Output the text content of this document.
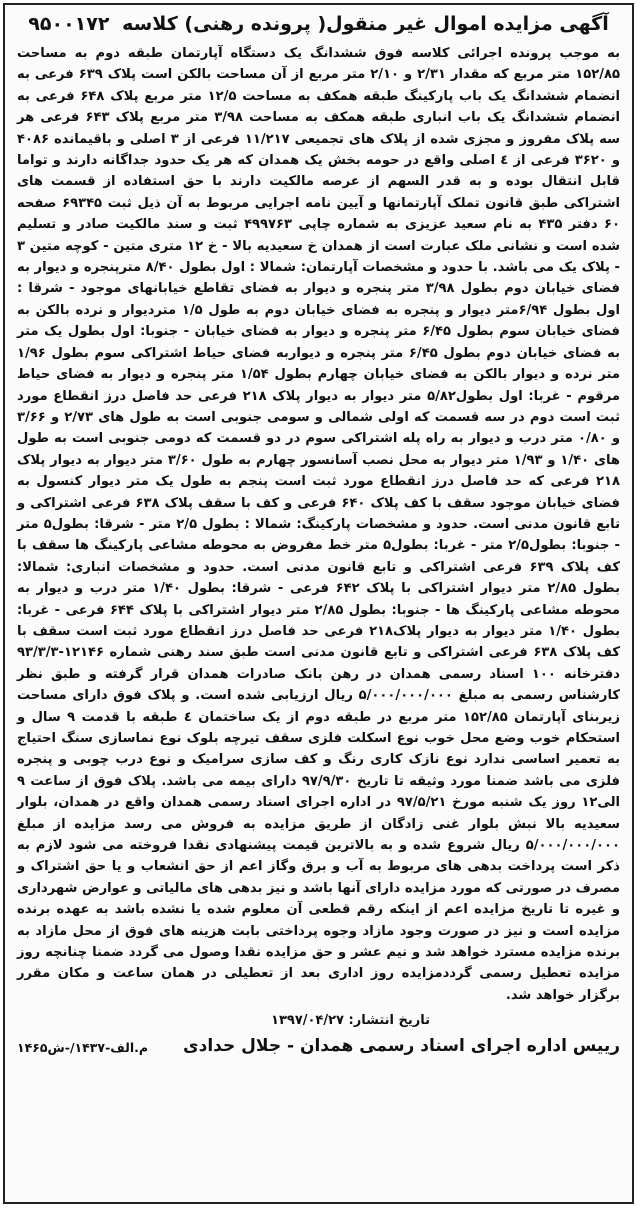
آگهی مزایده اموال غیر منقول( پرونده رهنی) کلاسه ۹۵۰۰۱۷۲

به موجب پرونده اجرائی کلاسه فوق ششدانگ یک دستگاه آپارتمان طبقه دوم به مساحت ۱۵۲/۸۵ متر مربع که مقدار ۲/۳۱ و ۲/۱۰ متر مربع از آن مساحت بالکن است پلاک ۶۳۹ فرعی به انضمام ششدانگ یک باب پارکینگ طبقه همکف به مساحت ۱۲/۵ متر مربع پلاک ۶۴۸ فرعی به انضمام ششدانگ یک باب انباری طبقه همکف به مساحت ۳/۹۸ متر مربع پلاک ۶۴۳ فرعی هر سه پلاک مفروز و مجزی شده از پلاک های تجمیعی ۱۱/۲۱۷ فرعی از ۳ اصلی و باقیمانده ۴۰۸۶ و ۳۶۲۰ فرعی از ٤ اصلی واقع در حومه بخش یک همدان که هر یک حدود جداگانه دارند و تواما قابل انتقال بوده و به قدر السهم از عرصه مالکیت دارند با حق استفاده از قسمت های اشتراکی طبق قانون تملک آپارتمانها و آیین نامه اجرایی مربوط به آن ذیل ثبت ۶۹۳۴۵ صفحه ۶۰ دفتر ۴۳۵ به نام سعید عزیزی به شماره چاپی ۴۹۹۷۶۳ ثبت و سند مالکیت صادر و تسلیم شده است و نشانی ملک عبارت است از همدان خ سعیدیه بالا - خ ۱۲ متری متین - کوچه متین ۳ - پلاک یک می باشد. با حدود و مشخصات آپارتمان: شمالا : اول بطول ۸/۴۰ مترپنجره و دیوار به فضای خیابان دوم بطول ۳/۹۸ متر پنجره و دیوار به فضای تقاطع خیابانهای موجود - شرقا : اول بطول ۶/۹۴متر دیوار و پنجره به فضای خیابان دوم به طول ۱/۵ متردیوار و نرده بالکن به فضای خیابان سوم بطول ۶/۴۵ متر پنجره و دیوار به فضای خیابان - جنوبا: اول بطول یک متر به فضای خیابان دوم بطول ۶/۴۵ متر پنجره و دیواربه فضای حیاط اشتراکی سوم بطول ۱/۹۶ متر نرده و دیوار بالکن به فضای خیابان چهارم بطول ۱/۵۴ متر پنجره و دیوار به فضای حیاط مرقوم - غربا: اول بطول۵/۸۲ متر دیوار به دیوار پلاک ۲۱۸ فرعی حد فاصل درز انقطاع مورد ثبت است دوم در سه قسمت که اولی شمالی و سومی جنوبی است به طول های ۲/۷۳ و ۳/۶۶ و ۰/۸۰ متر درب و دیوار به راه پله اشتراکی سوم در دو قسمت که دومی جنوبی است به طول های ۱/۴۰ و ۱/۹۳ متر دیوار به محل نصب آسانسور چهارم به طول ۳/۶۰ متر دیوار به دیوار پلاک ۲۱۸ فرعی که حد فاصل درز انقطاع مورد ثبت است پنجم به طول یک متر دیوار کنسول به فضای خیابان موجود سقف با کف پلاک ۶۴۰ فرعی و کف با سقف پلاک ۶۳۸ فرعی اشتراکی و تابع قانون مدنی است. حدود و مشخصات پارکینگ: شمالا : بطول ۲/۵ متر - شرقا: بطول۵ متر - جنوبا: بطول۲/۵ متر - غربا: بطول۵ متر خط مفروض به محوطه مشاعی پارکینگ ها سقف با کف پلاک ۶۳۹ فرعی اشتراکی و تابع قانون مدنی است. حدود و مشخصات انباری: شمالا: بطول ۲/۸۵ متر دیوار اشتراکی با پلاک ۶۴۲ فرعی - شرقا: بطول ۱/۴۰ متر درب و دیوار به محوطه مشاعی پارکینگ ها - جنوبا: بطول ۲/۸۵ متر دیوار اشتراکی با پلاک ۶۴۴ فرعی - غربا: بطول ۱/۴۰ متر دیوار به دیوار پلاک۲۱۸ فرعی حد فاصل درز انقطاع مورد ثبت است سقف با کف پلاک ۶۳۸ فرعی اشتراکی و تابع قانون مدنی است طبق سند رهنی شماره ۱۲۱۴۶-۹۳/۳/۳ دفترخانه ۱۰۰ اسناد رسمی همدان در رهن بانک صادرات همدان قرار گرفته و طبق نظر کارشناس رسمی به مبلغ ۵/۰۰۰/۰۰۰/۰۰۰ ریال ارزیابی شده است. و پلاک فوق دارای مساحت زیربنای آپارتمان ۱۵۲/۸۵ متر مربع در طبقه دوم از یک ساختمان ٤ طبقه با قدمت ۹ سال و استحکام خوب وضع محل خوب نوع اسکلت فلزی سقف تیرچه بلوک نوع نماسازی سنگ احتیاج به تعمیر اساسی ندارد نوع نازک کاری رنگ و کف سازی سرامیک و نوع درب چوبی و پنجره فلزی می باشد ضمنا مورد وثیقه تا تاریخ ۹۷/۹/۳۰ دارای بیمه می باشد. پلاک فوق از ساعت ۹ الی۱۲ روز یک شنبه مورخ ۹۷/۵/۲۱ در اداره اجرای اسناد رسمی همدان واقع در همدان، بلوار سعیدیه بالا نبش بلوار غنی زادگان از طریق مزایده به فروش می رسد مزایده از مبلغ ۵/۰۰۰/۰۰۰/۰۰۰ ریال شروع شده و به بالاترین قیمت پیشنهادی نقدا فروخته می شود لازم به ذکر است پرداخت بدهی های مربوط به آب و برق وگاز اعم از حق انشعاب و یا حق اشتراک و مصرف در صورتی که مورد مزایده دارای آنها باشد و نیز بدهی های مالیاتی و عوارض شهرداری و غیره تا تاریخ مزایده اعم از اینکه رقم قطعی آن معلوم شده یا نشده باشد به عهده برنده مزایده است و نیز در صورت وجود مازاد وجوه پرداختی بابت هزینه های فوق از محل مازاد به برنده مزایده مسترد خواهد شد و نیم عشر و حق مزایده نقدا وصول می گردد ضمنا چنانچه روز مزایده تعطیل رسمی گرددمزایده روز اداری بعد از تعطیلی در همان ساعت و مکان مقرر برگزار خواهد شد.

تاریخ انتشار: ۱۳۹۷/۰۴/۲۷
رییس اداره اجرای اسناد رسمی همدان - جلال حدادی
۱۴۶۵م.الف-۱۴۳۷/-ش
